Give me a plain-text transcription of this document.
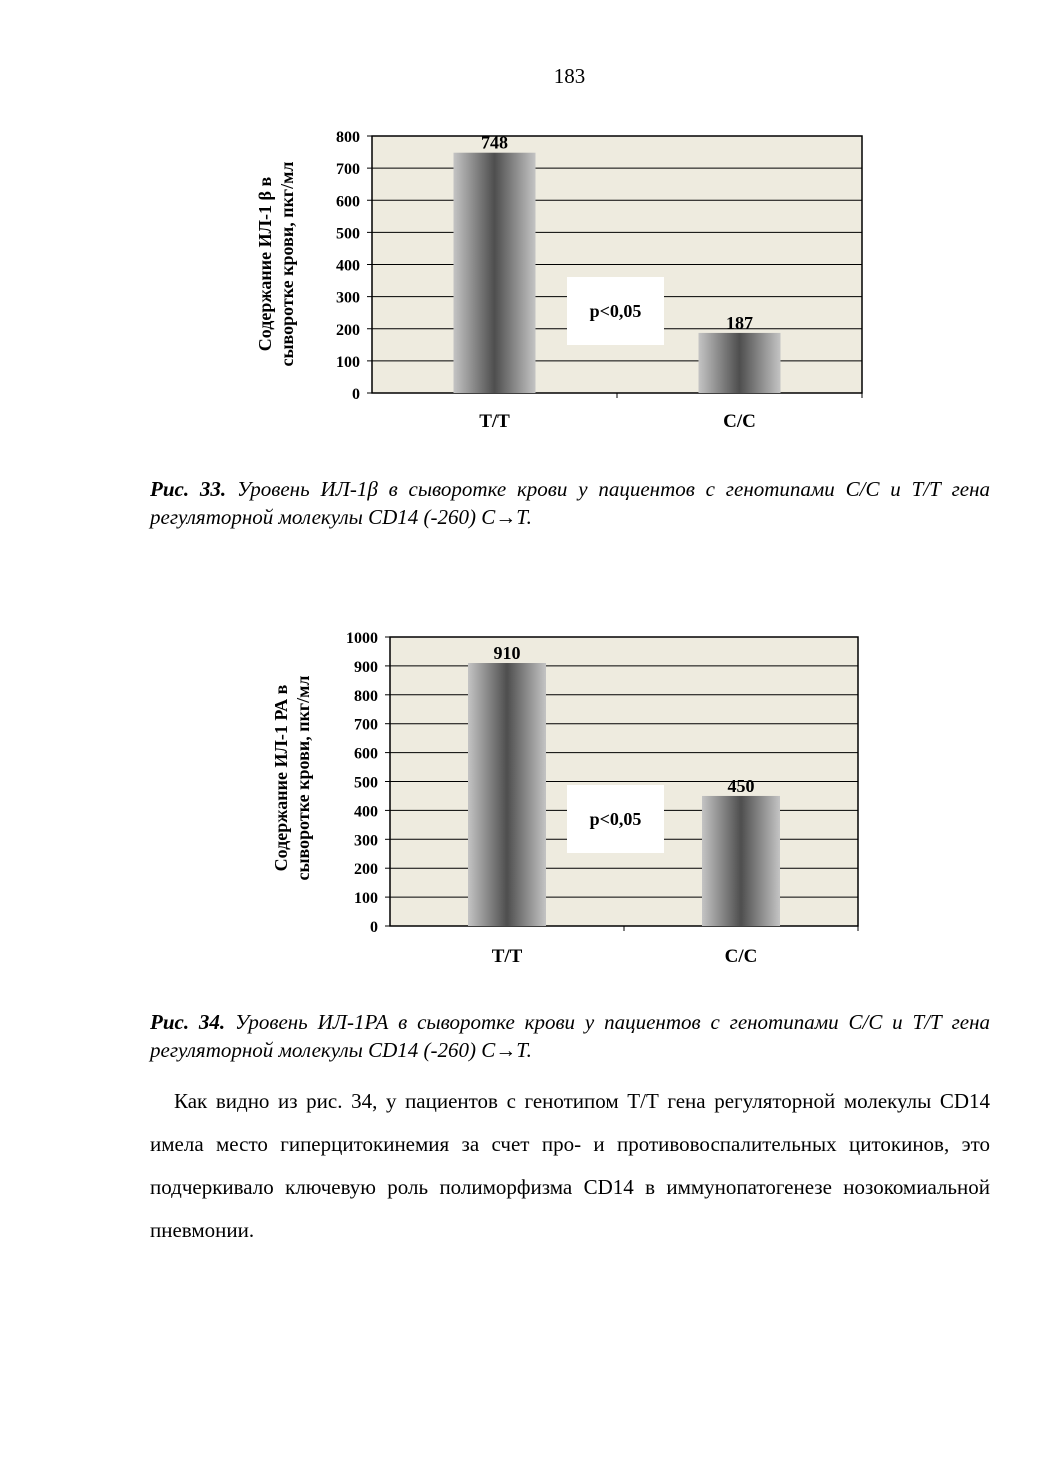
183
Содержание ИЛ-1 β в сыворотке крови, пкг/мл
0
100
200
300
400
500
600
700
800	748
T/T
187
C/C
p<0,05
Рис. 33. Уровень ИЛ-1β в сыворотке крови у пациентов с генотипами С/С и Т/Т гена регуляторной молекулы CD14 (-260) С→Т.
Содержание ИЛ-1 РА в сыворотке крови, пкг/мл
0
100
200
300
400
500
600
700
800
900
1000
910
T/T
450
C/C
p<0,05
Рис. 34. Уровень ИЛ-1РА в сыворотке крови у пациентов с генотипами С/С и Т/Т гена регуляторной молекулы CD14 (-260) С→Т.
Как видно из рис. 34, у пациентов с генотипом Т/Т гена регуляторной молекулы CD14 имела место гиперцитокинемия за счет про- и противовоспалительных цитокинов, это подчеркивало ключевую роль полиморфизма CD14 в иммунопатогенезе нозокомиальной пневмонии.
